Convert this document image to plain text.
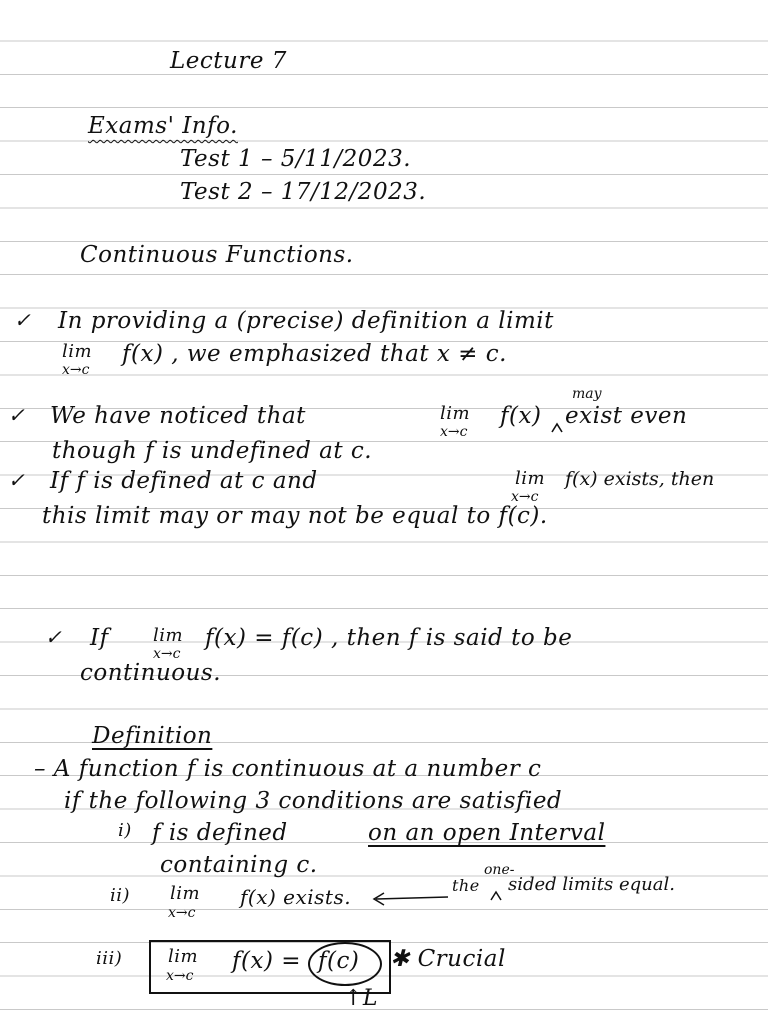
Lecture 7
Exams' Info.
Test 1 – 5/11/2023.
Test 2 – 17/12/2023.
Continuous Functions.
✓ In providing a (precise) definition a limit
lim
x→c
f(x) , we emphasized that x ≠ c.
✓ We have noticed that	lim
x→c
f(x)
may
exist even
though f is undefined at c.
✓ If f is defined at c and	lim
x→c
f(x) exists, then
this limit may or may not be equal to f(c).
✓ If lim
x→c
f(x) = f(c) , then f is said to be
continuous.
Definition
– A function f is continuous at a number c
if the following 3 conditions are satisfied
i) f is defined	on an open Interval
containing c.
ii) lim
x→c
f(x) exists.	the
one-
sided limits equal.
iii)	lim
x→c
f(x) = f(c) ✱ Crucial
↑L
